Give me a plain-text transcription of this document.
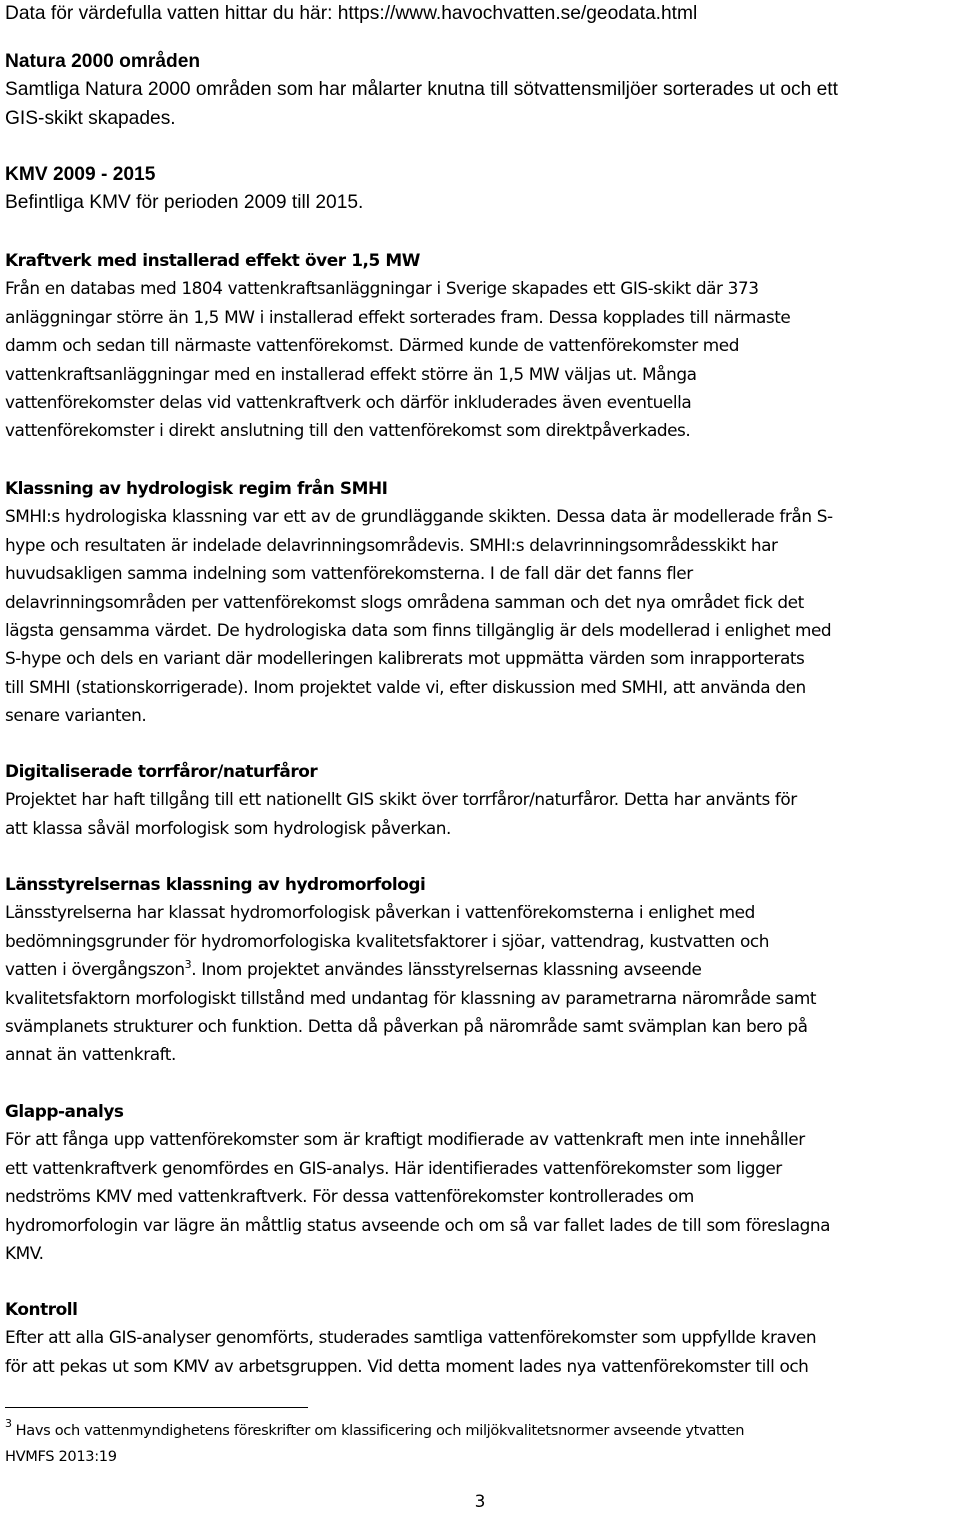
Data för värdefulla vatten hittar du här: https://www.havochvatten.se/geodata.html

Natura 2000 områden

Samtliga Natura 2000 områden som har målarter knutna till sötvattensmiljöer sorterades ut och ett

GIS-skikt skapades.

KMV 2009 - 2015

Befintliga KMV för perioden 2009 till 2015.

Kraftverk med installerad effekt över 1,5 MW

Från en databas med 1804 vattenkraftsanläggningar i Sverige skapades ett GIS-skikt där 373
anläggningar större än 1,5 MW i installerad effekt sorterades fram. Dessa kopplades till närmaste
damm och sedan till närmaste vattenförekomst. Därmed kunde de vattenförekomster med
vattenkraftsanläggningar med en installerad effekt större än 1,5 MW väljas ut. Många
vattenförekomster delas vid vattenkraftverk och därför inkluderades även eventuella
vattenförekomster i direkt anslutning till den vattenförekomst som direktpåverkades.

Klassning av hydrologisk regim från SMHI

SMHI:s hydrologiska klassning var ett av de grundläggande skikten. Dessa data är modellerade från S-
hype och resultaten är indelade delavrinningsområdevis. SMHI:s delavrinningsområdesskikt har
huvudsakligen samma indelning som vattenförekomsterna. I de fall där det fanns fler
delavrinningsområden per vattenförekomst slogs områdena samman och det nya området fick det
lägsta gensamma värdet. De hydrologiska data som finns tillgänglig är dels modellerad i enlighet med
S-hype och dels en variant där modelleringen kalibrerats mot uppmätta värden som inrapporterats
till SMHI (stationskorrigerade). Inom projektet valde vi, efter diskussion med SMHI, att använda den
senare varianten.

Digitaliserade torrfåror/naturfåror

Projektet har haft tillgång till ett nationellt GIS skikt över torrfåror/naturfåror. Detta har använts för
att klassa såväl morfologisk som hydrologisk påverkan.

Länsstyrelsernas klassning av hydromorfologi

Länsstyrelserna har klassat hydromorfologisk påverkan i vattenförekomsterna i enlighet med
bedömningsgrunder för hydromorfologiska kvalitetsfaktorer i sjöar, vattendrag, kustvatten och
vatten i övergångszon$^3$. Inom projektet användes länsstyrelsernas klassning avseende
kvalitetsfaktorn morfologiskt tillstånd med undantag för klassning av parametrarna närområde samt
svämplanets strukturer och funktion. Detta då påverkan på närområde samt svämplan kan bero på
annat än vattenkraft.

Glapp-analys

För att fånga upp vattenförekomster som är kraftigt modifierade av vattenkraft men inte innehåller
ett vattenkraftverk genomfördes en GIS-analys. Här identifierades vattenförekomster som ligger
nedströms KMV med vattenkraftverk. För dessa vattenförekomster kontrollerades om
hydromorfologin var lägre än måttlig status avseende och om så var fallet lades de till som föreslagna
KMV.

Kontroll

Efter att alla GIS-analyser genomförts, studerades samtliga vattenförekomster som uppfyllde kraven
för att pekas ut som KMV av arbetsgruppen. Vid detta moment lades nya vattenförekomster till och

$^3$ Havs och vattenmyndighetens föreskrifter om klassificering och miljökvalitetsnormer avseende ytvatten
HVMFS 2013:19
3
